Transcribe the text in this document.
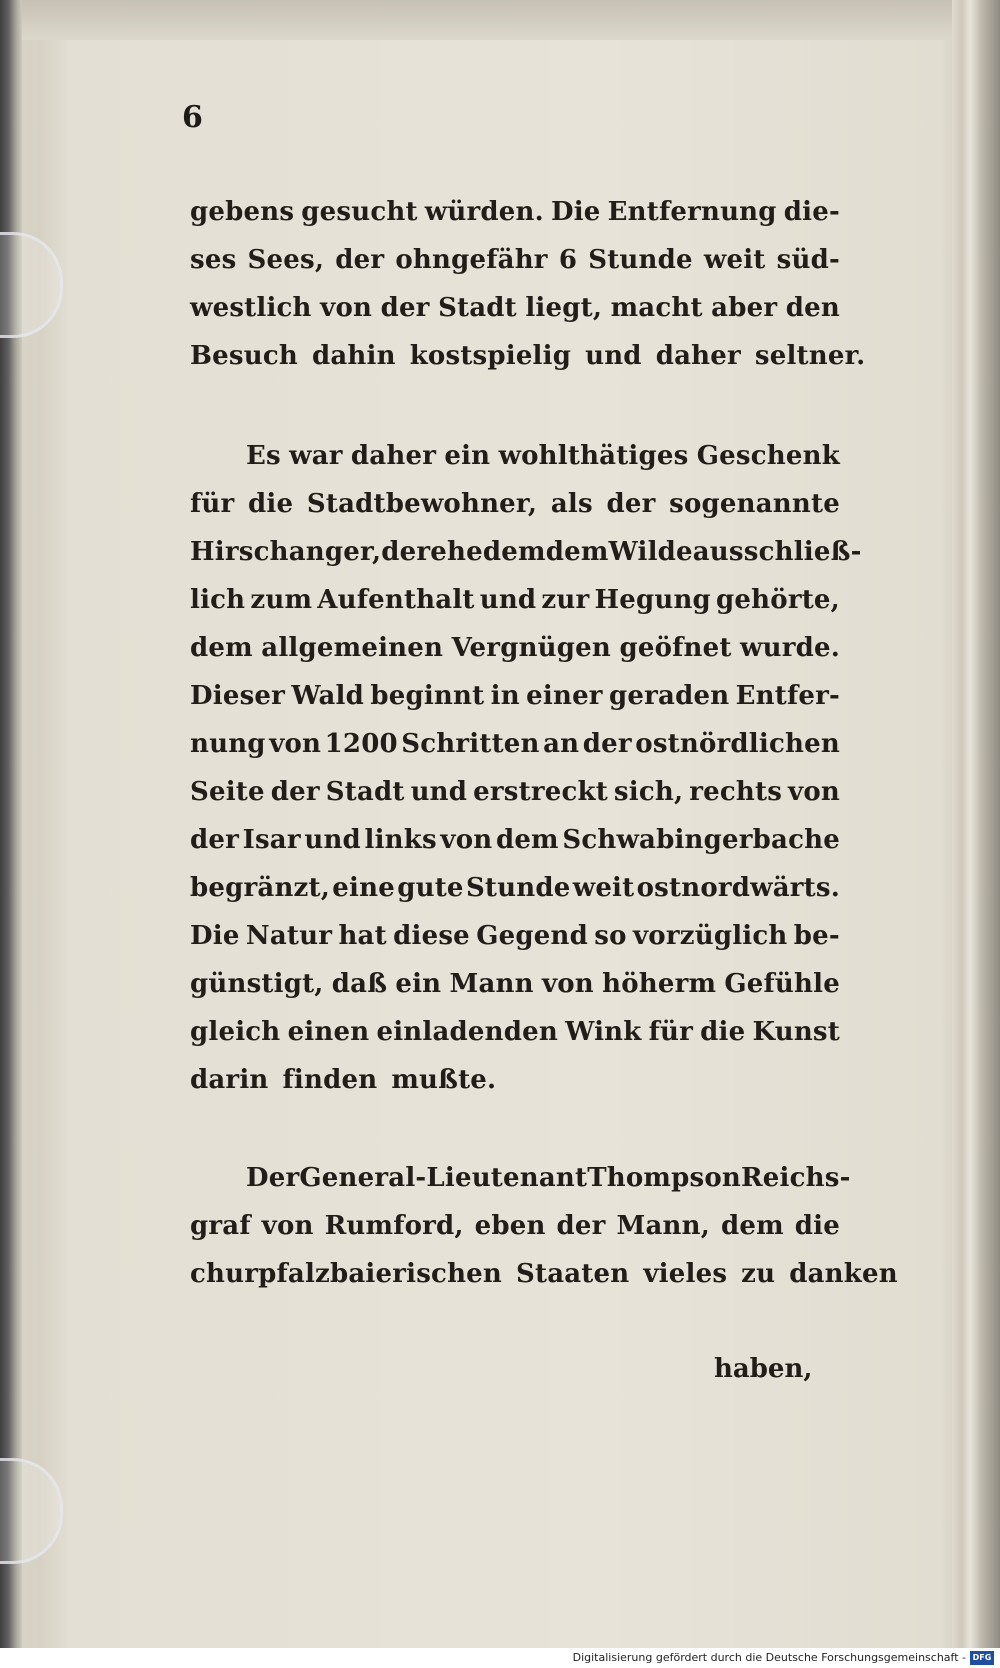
6
gebens gesucht würden. Die Entfernung die-
ses Sees, der ohngefähr 6 Stunde weit süd-
westlich von der Stadt liegt, macht aber den
Besuch dahin kostspielig und daher seltner.
Es war daher ein wohlthätiges Geschenk
für die Stadtbewohner, als der sogenannte
Hirschanger, der ehedem dem Wilde ausschließ-
lich zum Aufenthalt und zur Hegung gehörte,
dem allgemeinen Vergnügen geöfnet wurde.
Dieser Wald beginnt in einer geraden Entfer-
nung von 1200 Schritten an der ostnördlichen
Seite der Stadt und erstreckt sich, rechts von
der Isar und links von dem Schwabingerbache
begränzt, eine gute Stunde weit ostnordwärts.
Die Natur hat diese Gegend so vorzüglich be-
günstigt, daß ein Mann von höherm Gefühle
gleich einen einladenden Wink für die Kunst
darin finden mußte.
Der General-Lieutenant Thompson Reichs-
graf von Rumford, eben der Mann, dem die
churpfalzbaierischen Staaten vieles zu danken
haben,
Digitalisierung gefördert durch die Deutsche Forschungsgemeinschaft - DFG
